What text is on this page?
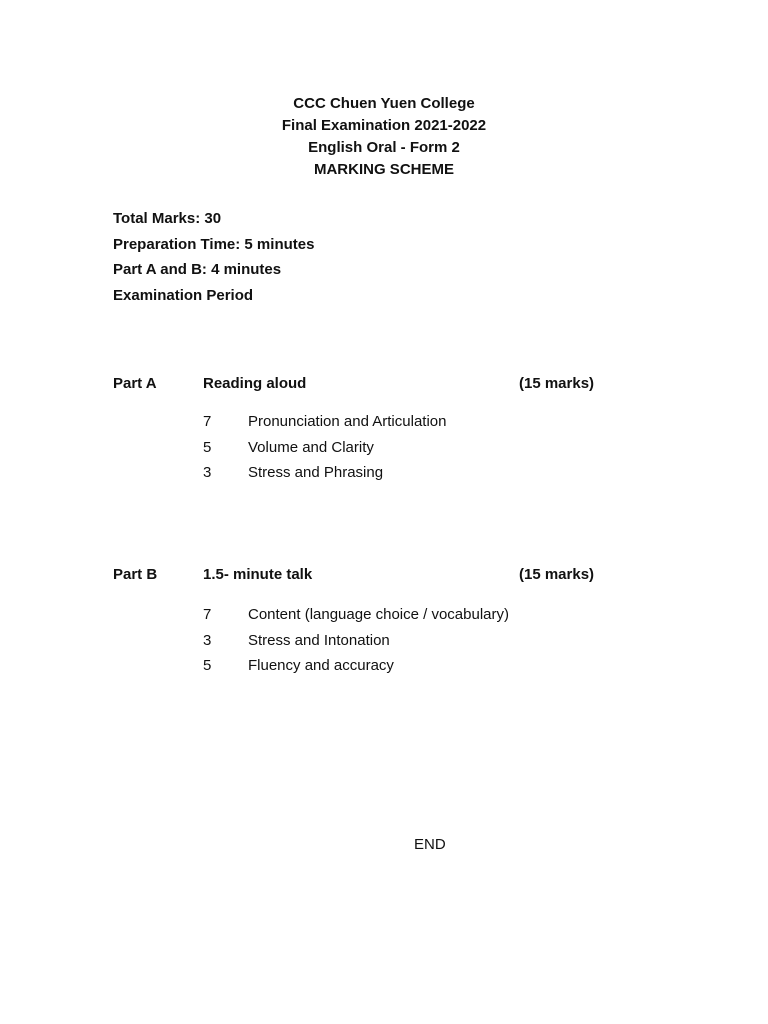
CCC Chuen Yuen College
Final Examination 2021-2022
English Oral - Form 2
MARKING SCHEME
Total Marks: 30
Preparation Time: 5 minutes
Part A and B: 4 minutes
Examination Period
Part A	Reading aloud	(15 marks)
7 Pronunciation and Articulation
5 Volume and Clarity
3 Stress and Phrasing
Part B	1.5- minute talk	(15 marks)
7 Content (language choice / vocabulary)
3 Stress and Intonation
5 Fluency and accuracy
END
